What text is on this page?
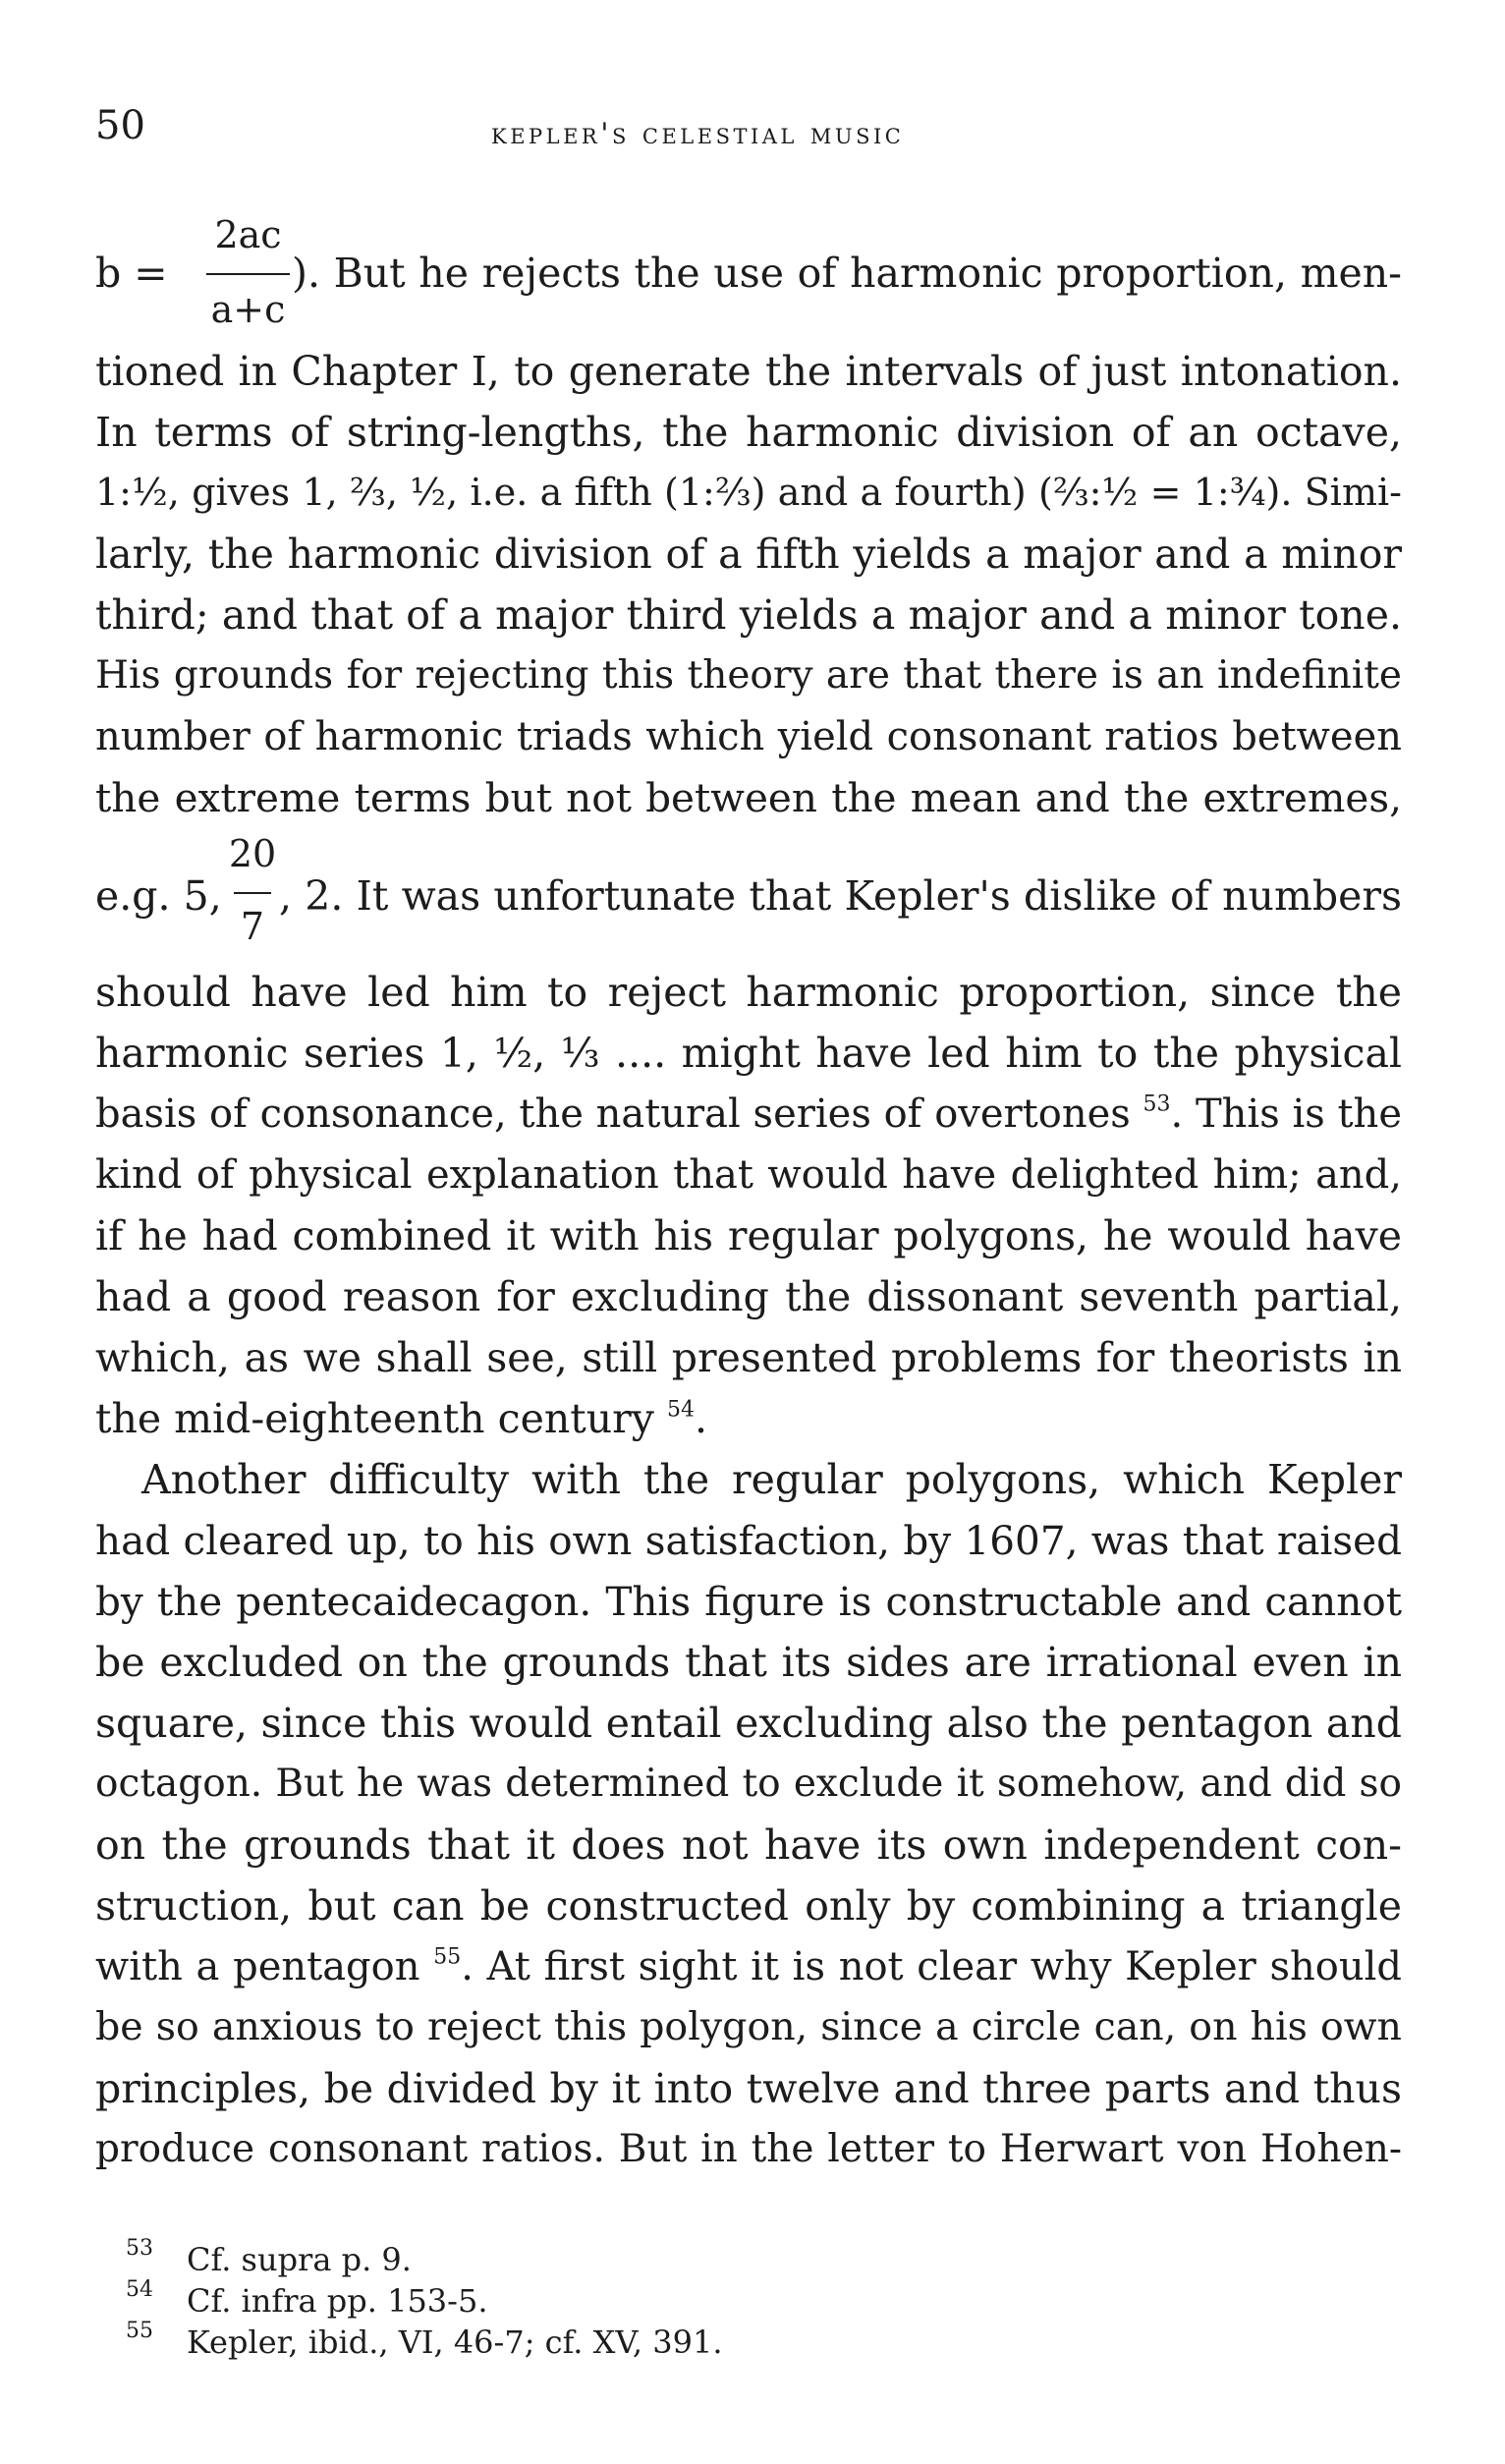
50	kepler's celestial music
b =
2ac
a+c
). But he rejects the use of harmonic proportion, men-
tioned in Chapter I, to generate the intervals of just intonation.
In terms of string-lengths, the harmonic division of an octave,
1:½, gives 1, ⅔, ½, i.e. a fifth (1:⅔) and a fourth) (⅔:½ = 1:¾). Simi-
larly, the harmonic division of a fifth yields a major and a minor
third; and that of a major third yields a major and a minor tone.
His grounds for rejecting this theory are that there is an indefinite
number of harmonic triads which yield consonant ratios between
the extreme terms but not between the mean and the extremes,
e.g. 5,
20
7
, 2. It was unfortunate that Kepler's dislike of numbers
should have led him to reject harmonic proportion, since the
harmonic series 1, ½, ⅓ .... might have led him to the physical
basis of consonance, the natural series of overtones $^{53}$. This is the
kind of physical explanation that would have delighted him; and,
if he had combined it with his regular polygons, he would have
had a good reason for excluding the dissonant seventh partial,
which, as we shall see, still presented problems for theorists in
the mid-eighteenth century $^{54}$.
Another difficulty with the regular polygons, which Kepler
had cleared up, to his own satisfaction, by 1607, was that raised
by the pentecaidecagon. This figure is constructable and cannot
be excluded on the grounds that its sides are irrational even in
square, since this would entail excluding also the pentagon and
octagon. But he was determined to exclude it somehow, and did so
on the grounds that it does not have its own independent con-
struction, but can be constructed only by combining a triangle
with a pentagon $^{55}$. At first sight it is not clear why Kepler should
be so anxious to reject this polygon, since a circle can, on his own
principles, be divided by it into twelve and three parts and thus
produce consonant ratios. But in the letter to Herwart von Hohen-
53 Cf. supra p. 9.
54 Cf. infra pp. 153-5.
55 Kepler, ibid., VI, 46-7; cf. XV, 391.
